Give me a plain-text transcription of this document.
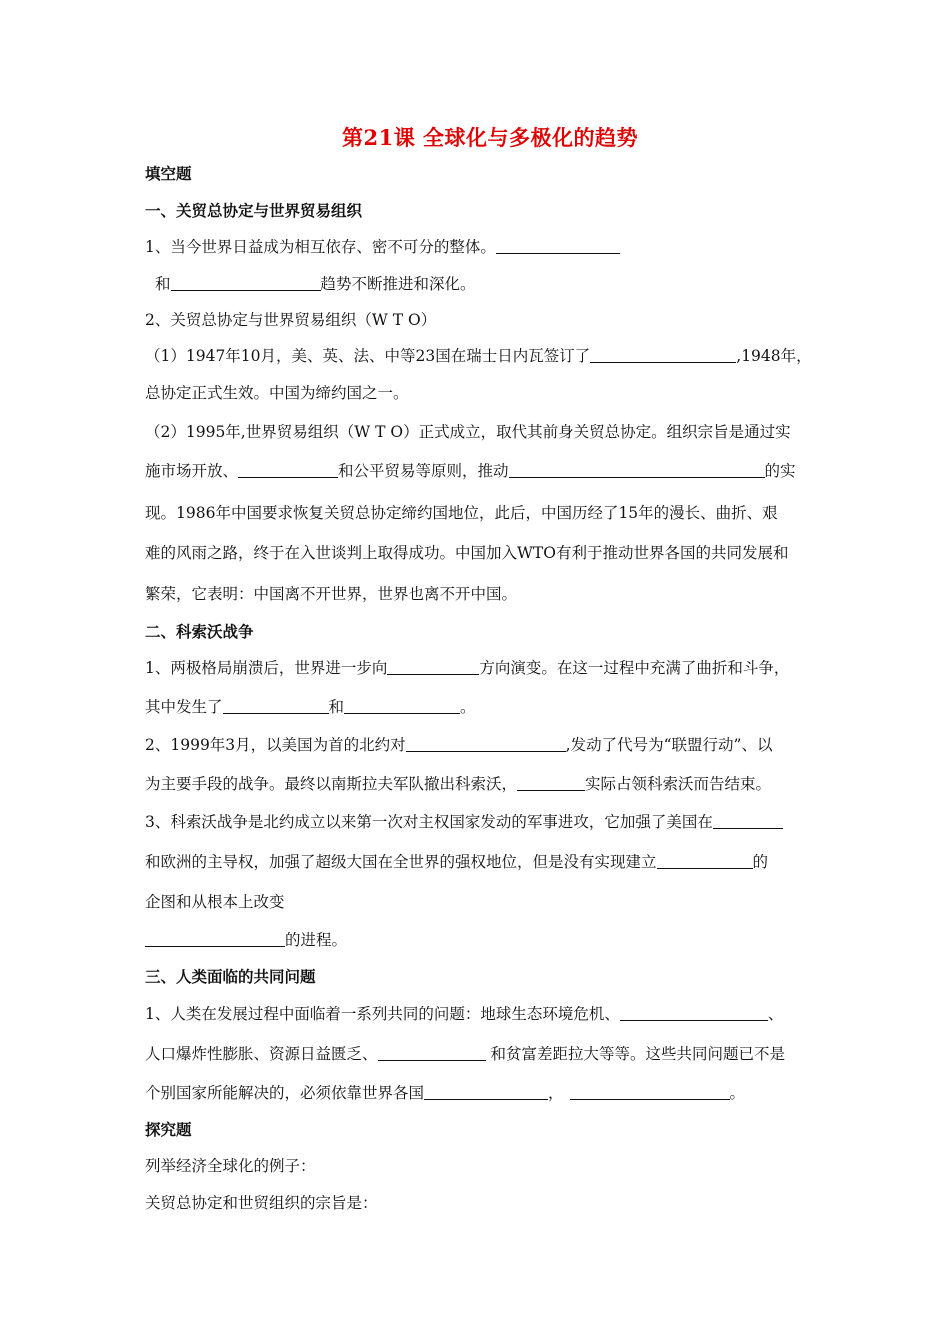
第21课 全球化与多极化的趋势
填空题
一、关贸总协定与世界贸易组织
1、当今世界日益成为相互依存、密不可分的整体。
和	趋势不断推进和深化。
2、关贸总协定与世界贸易组织（W T O）
（1）1947年10月，美、英、法、中等23国在瑞士日内瓦签订了	,1948年，
总协定正式生效。中国为缔约国之一。
（2）1995年,世界贸易组织（W T O）正式成立，取代其前身关贸总协定。组织宗旨是通过实
施市场开放、	和公平贸易等原则，推动	的实
现。1986年中国要求恢复关贸总协定缔约国地位，此后，中国历经了15年的漫长、曲折、艰
难的风雨之路，终于在入世谈判上取得成功。中国加入WTO有利于推动世界各国的共同发展和
繁荣，它表明：中国离不开世界，世界也离不开中国。
二、科索沃战争
1、两极格局崩溃后，世界进一步向	方向演变。在这一过程中充满了曲折和斗争，
其中发生了	和	。
2、1999年3月，以美国为首的北约对	,发动了代号为“联盟行动”、以
为主要手段的战争。最终以南斯拉夫军队撤出科索沃，	实际占领科索沃而告结束。
3、科索沃战争是北约成立以来第一次对主权国家发动的军事进攻，它加强了美国在
和欧洲的主导权，加强了超级大国在全世界的强权地位，但是没有实现建立	的
企图和从根本上改变
的进程。
三、人类面临的共同问题
1、人类在发展过程中面临着一系列共同的问题：地球生态环境危机、	、
人口爆炸性膨胀、资源日益匮乏、	和贫富差距拉大等等。这些共同问题已不是
个别国家所能解决的，必须依靠世界各国	，	。
探究题
列举经济全球化的例子：
关贸总协定和世贸组织的宗旨是：
